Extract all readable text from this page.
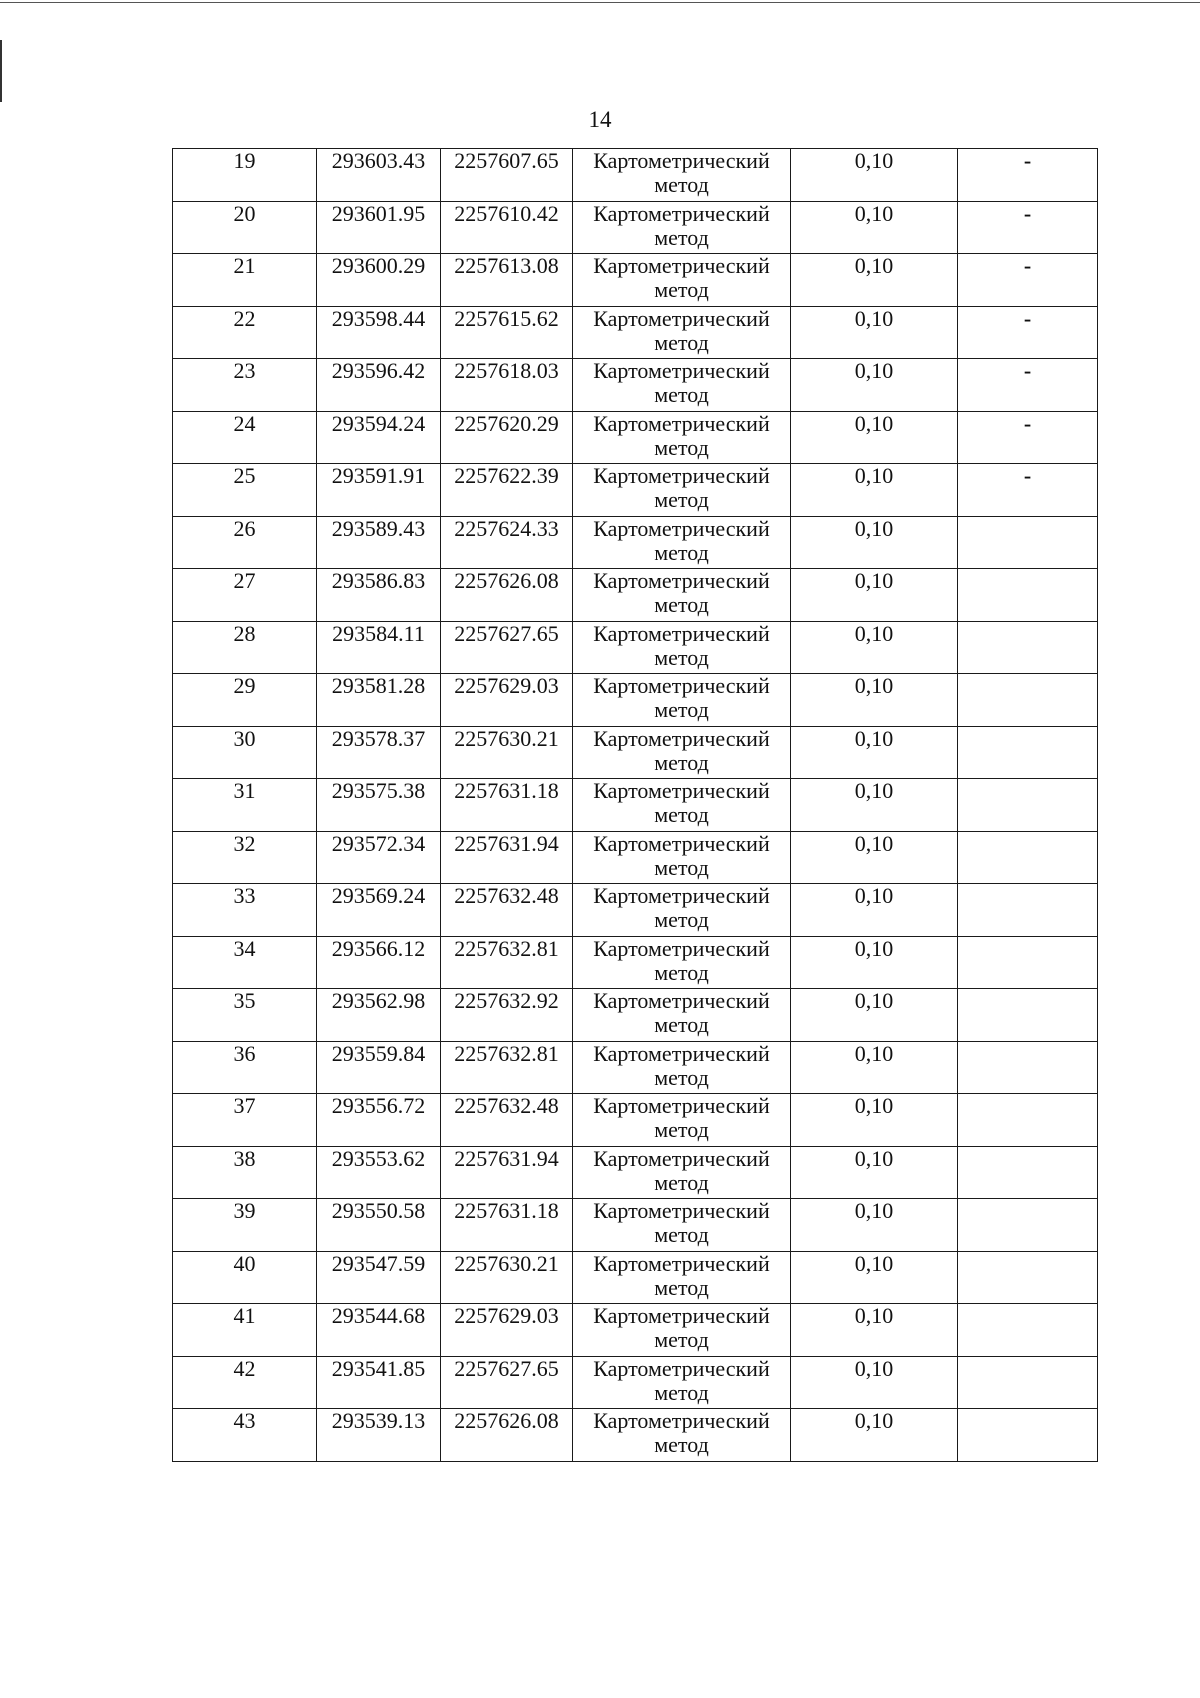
14
19	293603.43	2257607.65	Картометрический
метод	0,10	-
20	293601.95	2257610.42	Картометрический
метод	0,10	-
21	293600.29	2257613.08	Картометрический
метод	0,10	-
22	293598.44	2257615.62	Картометрический
метод	0,10	-
23	293596.42	2257618.03	Картометрический
метод	0,10	-
24	293594.24	2257620.29	Картометрический
метод	0,10	-
25	293591.91	2257622.39	Картометрический
метод	0,10	-
26	293589.43	2257624.33	Картометрический
метод	0,10	
27	293586.83	2257626.08	Картометрический
метод	0,10	
28	293584.11	2257627.65	Картометрический
метод	0,10	
29	293581.28	2257629.03	Картометрический
метод	0,10	
30	293578.37	2257630.21	Картометрический
метод	0,10	
31	293575.38	2257631.18	Картометрический
метод	0,10	
32	293572.34	2257631.94	Картометрический
метод	0,10	
33	293569.24	2257632.48	Картометрический
метод	0,10	
34	293566.12	2257632.81	Картометрический
метод	0,10	
35	293562.98	2257632.92	Картометрический
метод	0,10	
36	293559.84	2257632.81	Картометрический
метод	0,10	
37	293556.72	2257632.48	Картометрический
метод	0,10	
38	293553.62	2257631.94	Картометрический
метод	0,10	
39	293550.58	2257631.18	Картометрический
метод	0,10	
40	293547.59	2257630.21	Картометрический
метод	0,10	
41	293544.68	2257629.03	Картометрический
метод	0,10	
42	293541.85	2257627.65	Картометрический
метод	0,10	
43	293539.13	2257626.08	Картометрический
метод	0,10	
